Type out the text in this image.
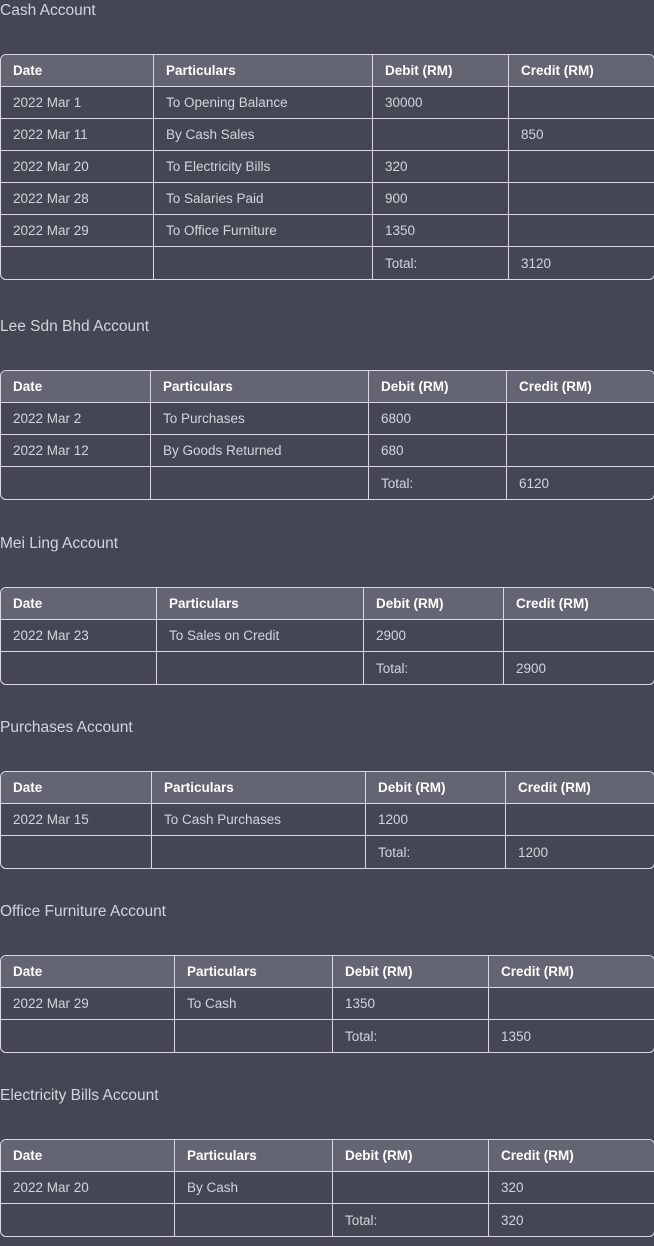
Cash Account
Date	Particulars	Debit (RM)	Credit (RM)
2022 Mar 1	To Opening Balance	30000	
2022 Mar 11	By Cash Sales		850
2022 Mar 20	To Electricity Bills	320	
2022 Mar 28	To Salaries Paid	900	
2022 Mar 29	To Office Furniture	1350	
		Total:	3120
Lee Sdn Bhd Account
Date	Particulars	Debit (RM)	Credit (RM)
2022 Mar 2	To Purchases	6800	
2022 Mar 12	By Goods Returned	680	
		Total:	6120
Mei Ling Account
Date	Particulars	Debit (RM)	Credit (RM)
2022 Mar 23	To Sales on Credit	2900	
		Total:	2900
Purchases Account
Date	Particulars	Debit (RM)	Credit (RM)
2022 Mar 15	To Cash Purchases	1200	
		Total:	1200
Office Furniture Account
Date	Particulars	Debit (RM)	Credit (RM)
2022 Mar 29	To Cash	1350	
		Total:	1350
Electricity Bills Account
Date	Particulars	Debit (RM)	Credit (RM)
2022 Mar 20	By Cash		320
		Total:	320
